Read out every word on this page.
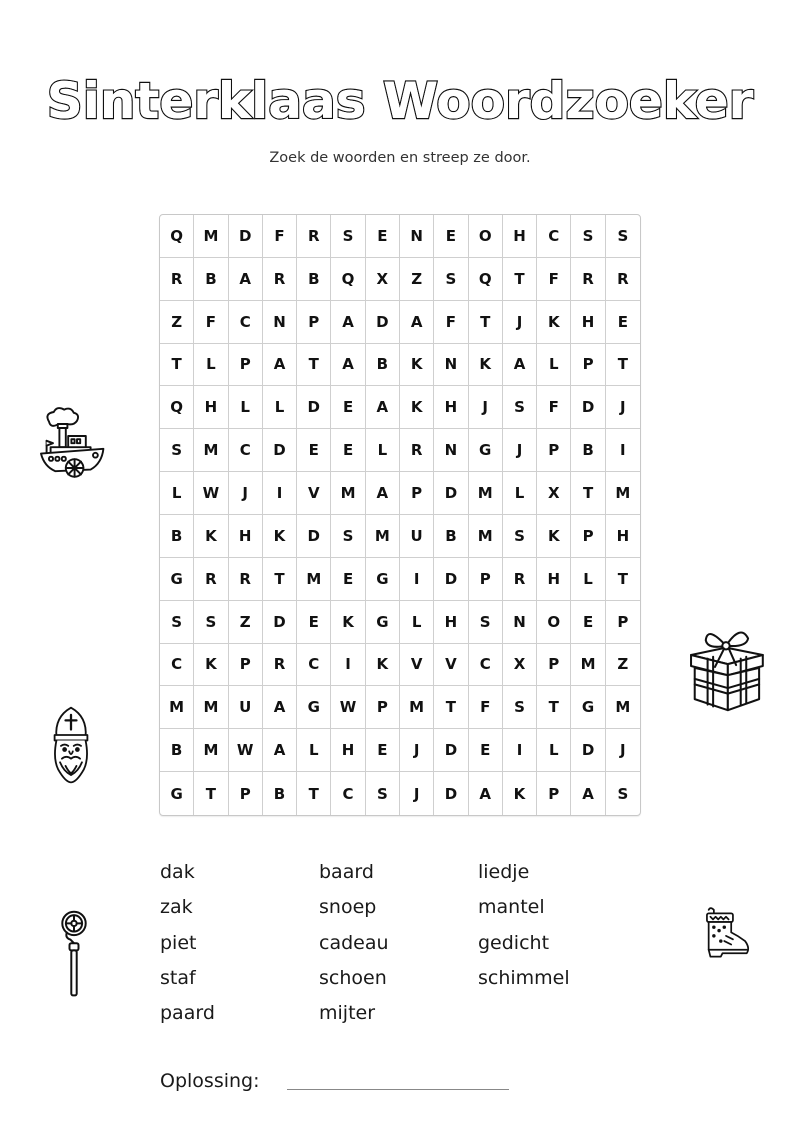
Sinterklaas Woordzoeker

Zoek de woorden en streep ze door.

Q	M	D	F	R	S	E	N	E	O	H	C	S	S
R	B	A	R	B	Q	X	Z	S	Q	T	F	R	R
Z	F	C	N	P	A	D	A	F	T	J	K	H	E
T	L	P	A	T	A	B	K	N	K	A	L	P	T
Q	H	L	L	D	E	A	K	H	J	S	F	D	J
S	M	C	D	E	E	L	R	N	G	J	P	B	I
L	W	J	I	V	M	A	P	D	M	L	X	T	M
B	K	H	K	D	S	M	U	B	M	S	K	P	H
G	R	R	T	M	E	G	I	D	P	R	H	L	T
S	S	Z	D	E	K	G	L	H	S	N	O	E	P
C	K	P	R	C	I	K	V	V	C	X	P	M	Z
M	M	U	A	G	W	P	M	T	F	S	T	G	M
B	M	W	A	L	H	E	J	D	E	I	L	D	J
G	T	P	B	T	C	S	J	D	A	K	P	A	S
dak
zak
piet
staf
paard
baard
snoep
cadeau
schoen
mijter
liedje
mantel
gedicht
schimmel
Oplossing:
